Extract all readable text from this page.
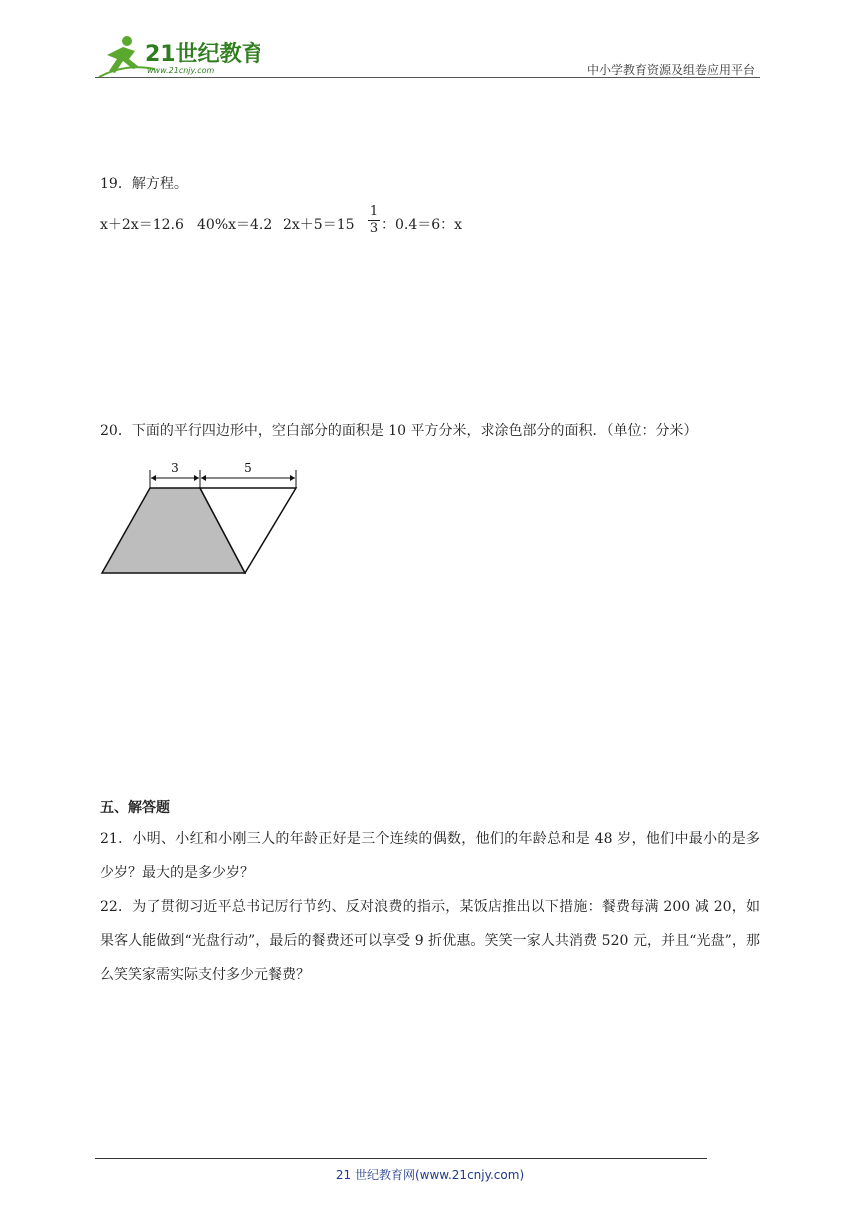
21世纪教育
www.21cnjy.com	中小学教育资源及组卷应用平台
19．解方程。
x＋2x＝12.6 40%x＝4.2 $2x+5=15 \frac{1}{3}$ ：0.4＝6：x
20．下面的平行四边形中，空白部分的面积是 10 平方分米，求涂色部分的面积．（单位：分米）
3	5
五、解答题
21．小明、小红和小刚三人的年龄正好是三个连续的偶数，他们的年龄总和是 48 岁，他们中最小的是多少岁？最大的是多少岁？
22．为了贯彻习近平总书记厉行节约、反对浪费的指示，某饭店推出以下措施：餐费每满 200 减 20，如果客人能做到“光盘行动”，最后的餐费还可以享受 9 折优惠。笑笑一家人共消费 520 元，并且“光盘”，那么笑笑家需实际支付多少元餐费？
21 世纪教育网(www.21cnjy.com)
